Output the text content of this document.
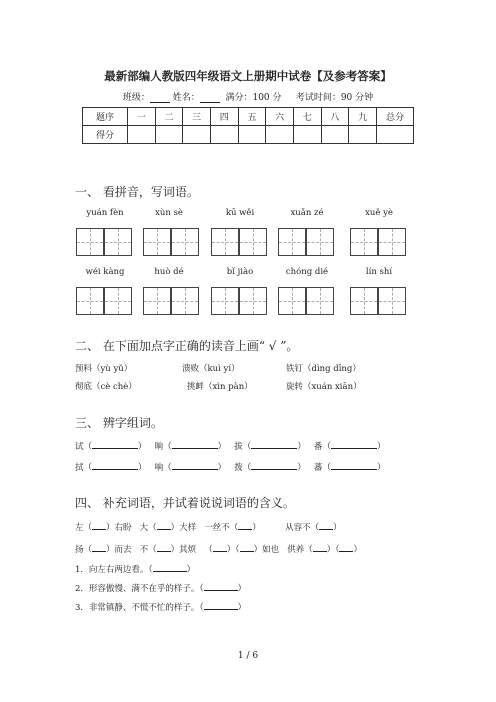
最新部编人教版四年级语文上册期中试卷【及参考答案】
班级：	姓名：	满分：100 分 考试时间：90 分钟
题序	一	二	三	四	五	六	七	八	九	总分
得分										
一、 看拼音，写词语。
yuán fèn	xùn sè	kū wěi	xuǎn zé	xuě yè
wéi kàng	huò dé	bǐ jiào	chóng dié	lín shí
二、 在下面加点字正确的读音上画“ √ ”。
预料（yù yǔ）	溃败（kuì yí）	铁钉（dìng dīng）
彻底（cè chè）	挑衅（xìn pàn）	旋转（xuán xiān）
三、 辨字组词。
试（	）   晌（	）   拔（	）   番（	）
拭（	）   响（	）   拨（	）   蕃（	）
四、 补充词语，并试着说说词语的含义。
左（ ）右盼 大（ ）大样 一丝不（ ）	从容不（ ）
扬（ ）而去 不（ ）其烦 （ ）（ ）如也 供养（ ）（ ）
1．向左右两边看。（	）
2．形容傲慢、满不在乎的样子。（	）
3．非常镇静、不慌不忙的样子。（	）
1 / 6
